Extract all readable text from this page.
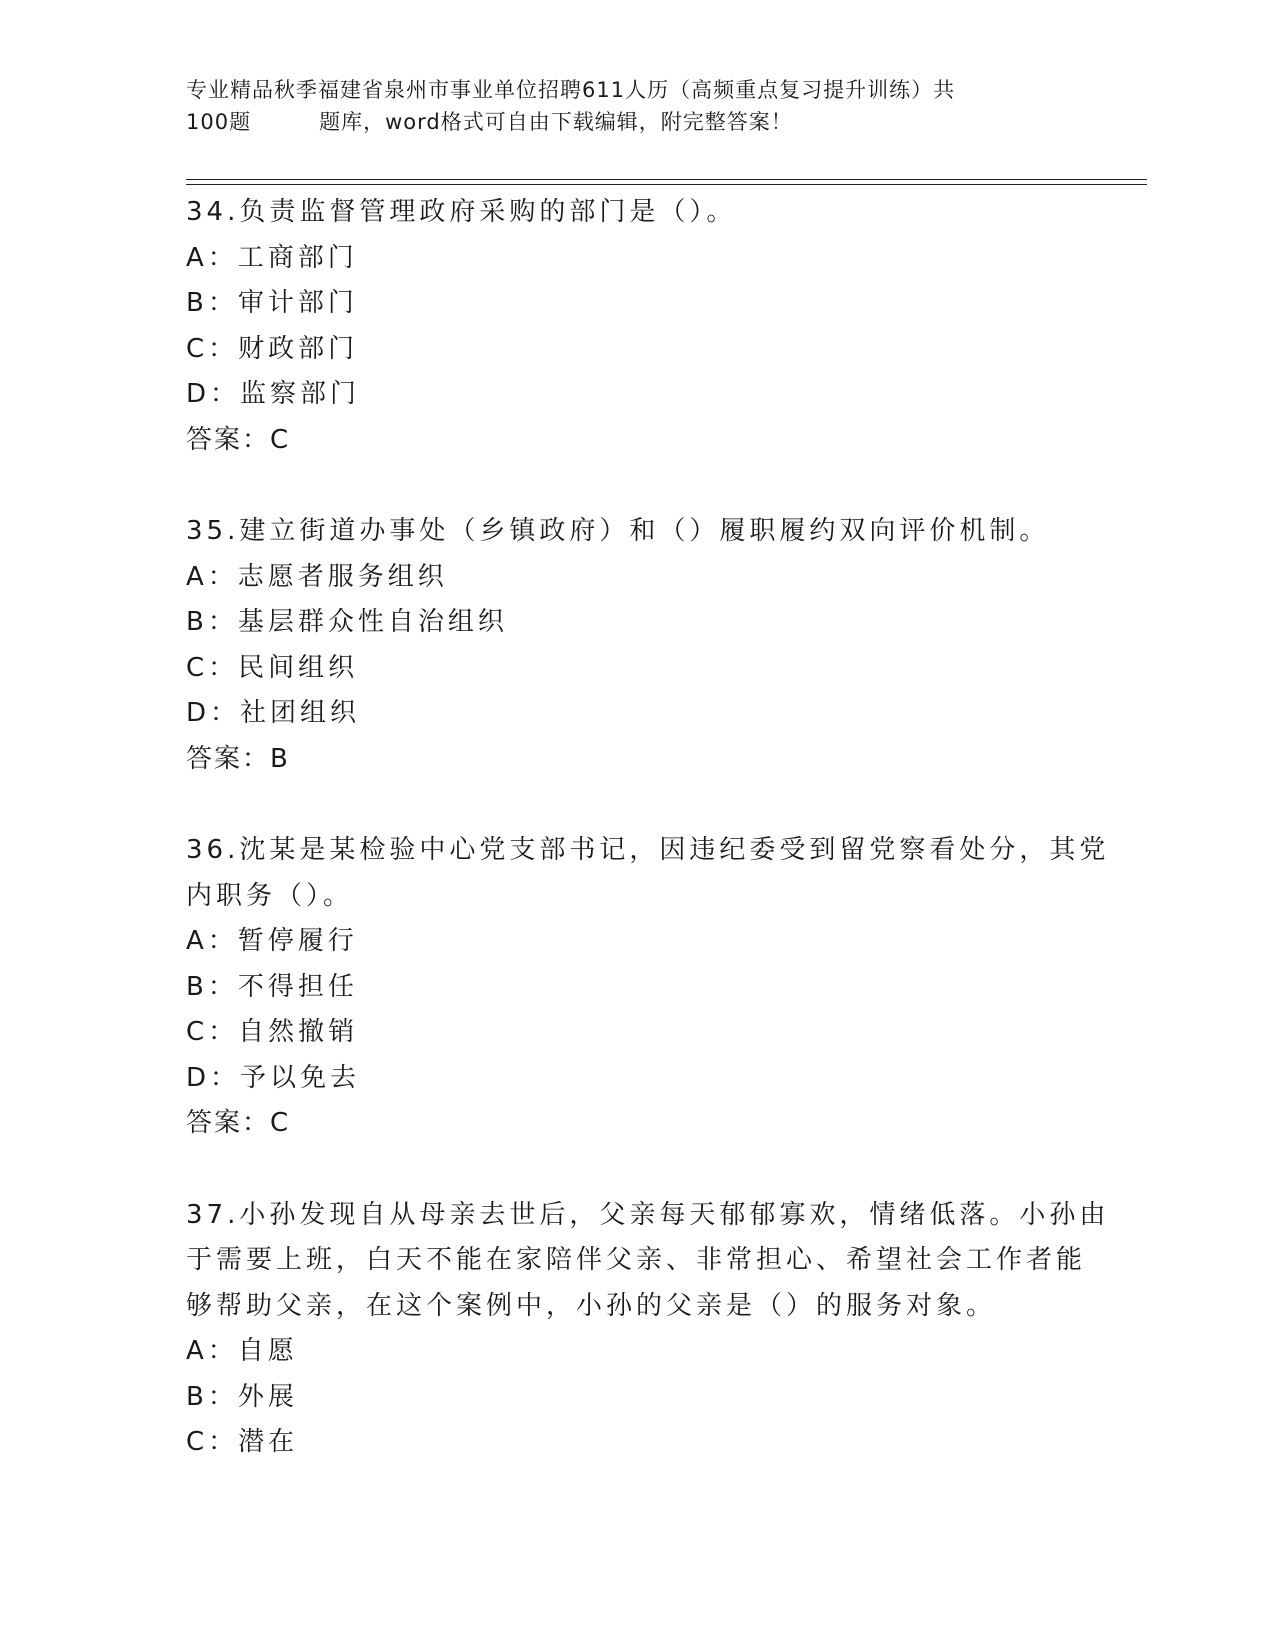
专业精品秋季福建省泉州市事业单位招聘611人历（高频重点复习提升训练）共
100题	题库，word格式可自由下载编辑，附完整答案！
34.负责监督管理政府采购的部门是（）。
A：工商部门
B：审计部门
C：财政部门
D：监察部门
答案：C
35.建立街道办事处（乡镇政府）和（）履职履约双向评价机制。
A：志愿者服务组织
B：基层群众性自治组织
C：民间组织
D：社团组织
答案：B
36.沈某是某检验中心党支部书记，因违纪委受到留党察看处分，其党
内职务（）。
A：暂停履行
B：不得担任
C：自然撤销
D：予以免去
答案：C
37.小孙发现自从母亲去世后，父亲每天郁郁寡欢，情绪低落。小孙由
于需要上班，白天不能在家陪伴父亲、非常担心、希望社会工作者能
够帮助父亲，在这个案例中，小孙的父亲是（）的服务对象。
A：自愿
B：外展
C：潜在
